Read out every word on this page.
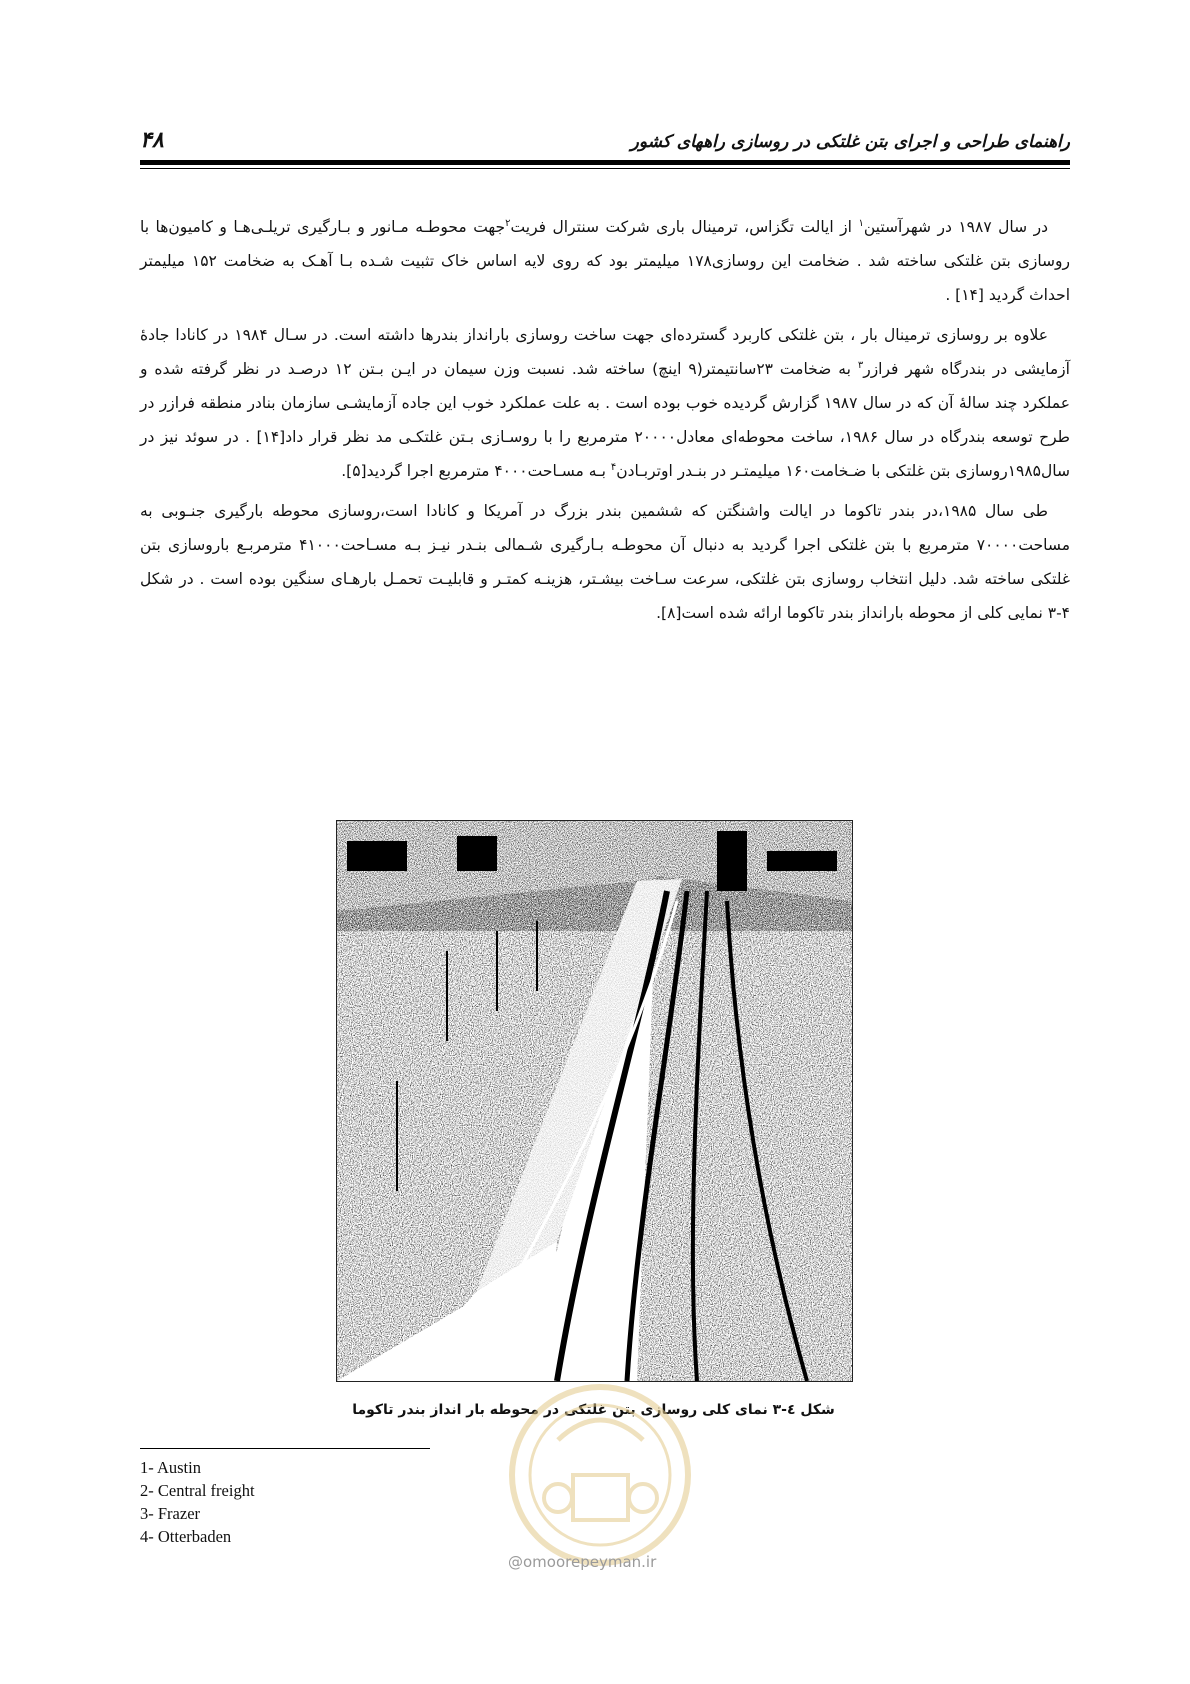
راهنمای طراحی و اجرای بتن غلتکی در روسازی راههای کشور
۴۸

در سال ۱۹۸۷ در شهرآستین$^۱$ از ایالت تگزاس، ترمینال باری شرکت سنترال فریت$^۲$جهت محوطـه مـانور و بـارگیری تریلـی‌هـا و کامیون‌ها با روسازی بتن غلتکی ساخته شد . ضخامت این روسازی۱۷۸ میلیمتر بود که روی لایه اساس خاک تثبیت شـده بـا آهـک به ضخامت ۱۵۲ میلیمتر احداث گردید [۱۴] .

علاوه بر روسازی ترمینال بار ، بتن غلتکی کاربرد گسترده‌ای جهت ساخت روسازی بارانداز بندرها داشته است. در سـال ۱۹۸۴ در کانادا جادهٔ آزمایشی در بندرگاه شهر فرازر$^۳$ به ضخامت ۲۳سانتیمتر(۹ اینچ) ساخته شد. نسبت وزن سیمان در ایـن بـتن ۱۲ درصـد در نظر گرفته شده و عملکرد چند سالهٔ آن که در سال ۱۹۸۷ گزارش گردیده خوب بوده است . به علت عملکرد خوب این جاده آزمایشـی سازمان بنادر منطقه فرازر در طرح توسعه بندرگاه در سال ۱۹۸۶، ساخت محوطه‌ای معادل۲۰۰۰۰ مترمربع را با روسـازی بـتن غلتکـی مد نظر قرار داد[۱۴] . در سوئد نیز در سال۱۹۸۵روسازی بتن غلتکی با ضـخامت۱۶۰ میلیمتـر در بنـدر اوتربـادن$^۴$ بـه مسـاحت۴۰۰۰ مترمربع اجرا گردید[۵].

طی سال ۱۹۸۵،در بندر تاکوما در ایالت واشنگتن که ششمین بندر بزرگ در آمریکا و کانادا است،روسازی محوطه بارگیری جنـوبی به مساحت۷۰۰۰۰ مترمربع با بتن غلتکی اجرا گردید به دنبال آن محوطـه بـارگیری شـمالی بنـدر نیـز بـه مسـاحت۴۱۰۰۰ مترمربـع باروسازی بتن غلتکی ساخته شد. دلیل انتخاب روسازی بتن غلتکی، سرعت سـاخت بیشـتر، هزینـه کمتـر و قابلیـت تحمـل بارهـای سنگین بوده است . در شکل ۴-۳ نمایی کلی از محوطه بارانداز بندر تاکوما ارائه شده است[۸].

شکل ٤-۳ نمای کلی روسازی بتن غلتکی در محوطه بار انداز بندر تاکوما
@omoorepeyman.ir
1- Austin
2- Central freight
3- Frazer
4- Otterbaden
